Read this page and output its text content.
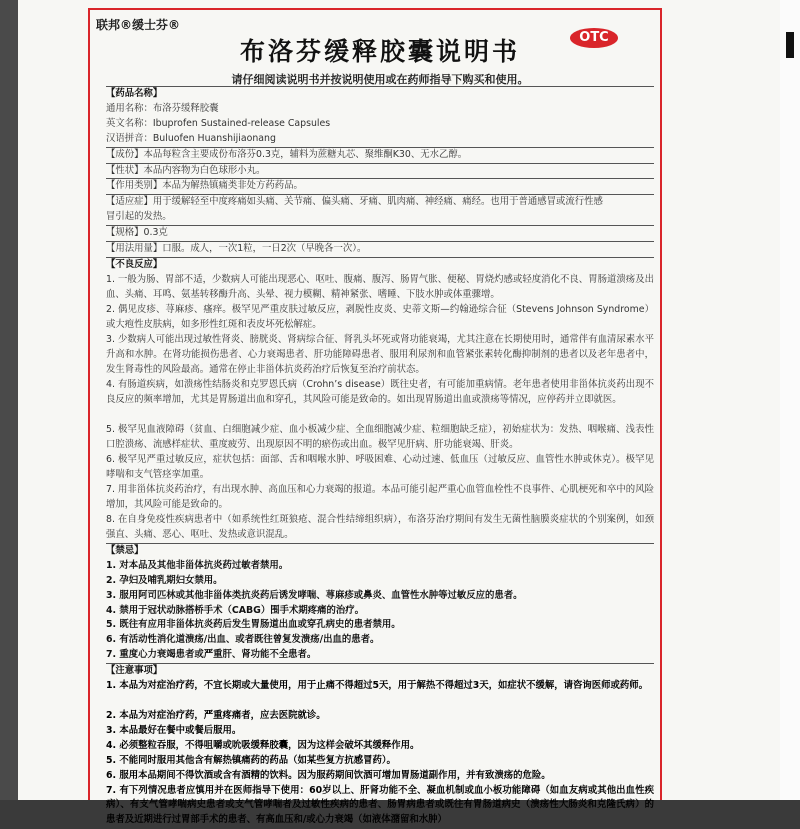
联邦®缓士芬®
布洛芬缓释胶囊说明书	OTC
请仔细阅读说明书并按说明使用或在药师指导下购买和使用。
【药品名称】
通用名称：布洛芬缓释胶囊
英文名称：Ibuprofen Sustained-release Capsules
汉语拼音：Buluofen Huanshijiaonang
【成份】本品每粒含主要成份布洛芬0.3克，辅料为蔗糖丸芯、聚维酮K30、无水乙醇。
【性状】本品内容物为白色球形小丸。
【作用类别】本品为解热镇痛类非处方药药品。
【适应症】用于缓解轻至中度疼痛如头痛、关节痛、偏头痛、牙痛、肌肉痛、神经痛、痛经。也用于普通感冒或流行性感
冒引起的发热。
【规格】0.3克
【用法用量】口服。成人，一次1粒，一日2次（早晚各一次）。
【不良反应】
1. 一般为肠、胃部不适，少数病人可能出现恶心、呕吐、腹痛、腹泻、肠胃气胀、便秘、胃烧灼感或轻度消化不良、胃肠道溃疡及出血、头痛、耳鸣、氨基转移酶升高、头晕、视力模糊、精神紧张、嗜睡、下肢水肿或体重骤增。
2. 偶见皮疹、荨麻疹、瘙痒。极罕见严重皮肤过敏反应，剥脱性皮炎、史蒂文斯—约翰逊综合征（Stevens Johnson Syndrome）或大疱性皮肤病，如多形性红斑和表皮坏死松解症。
3. 少数病人可能出现过敏性肾炎、膀胱炎、肾病综合征、肾乳头坏死或肾功能衰竭，尤其注意在长期使用时，通常伴有血清尿素水平升高和水肿。在肾功能损伤患者、心力衰竭患者、肝功能障碍患者、服用利尿剂和血管紧张素转化酶抑制剂的患者以及老年患者中，发生肾毒性的风险最高。通常在停止非甾体抗炎药治疗后恢复至治疗前状态。
4. 有肠道疾病，如溃疡性结肠炎和克罗恩氏病（Crohn’s disease）既往史者，有可能加重病情。老年患者使用非甾体抗炎药出现不良反应的频率增加，尤其是胃肠道出血和穿孔，其风险可能是致命的。如出现胃肠道出血或溃疡等情况，应停药并立即就医。
5. 极罕见血液障碍（贫血、白细胞减少症、血小板减少症、全血细胞减少症、粒细胞缺乏症），初始症状为：发热、咽喉痛、浅表性口腔溃疡、流感样症状、重度疲劳、出现原因不明的瘀伤或出血。极罕见肝病、肝功能衰竭、肝炎。
6. 极罕见严重过敏反应，症状包括：面部、舌和咽喉水肿、呼吸困难、心动过速、低血压（过敏反应、血管性水肿或休克）。极罕见哮喘和支气管痉挛加重。
7. 用非甾体抗炎药治疗，有出现水肿、高血压和心力衰竭的报道。本品可能引起严重心血管血栓性不良事件、心肌梗死和卒中的风险增加，其风险可能是致命的。
8. 在自身免疫性疾病患者中（如系统性红斑狼疮、混合性结缔组织病），布洛芬治疗期间有发生无菌性脑膜炎症状的个别案例，如颈强直、头痛、恶心、呕吐、发热或意识混乱。
【禁忌】
1. 对本品及其他非甾体抗炎药过敏者禁用。
2. 孕妇及哺乳期妇女禁用。
3. 服用阿司匹林或其他非甾体类抗炎药后诱发哮喘、荨麻疹或鼻炎、血管性水肿等过敏反应的患者。
4. 禁用于冠状动脉搭桥手术（CABG）围手术期疼痛的治疗。
5. 既往有应用非甾体抗炎药后发生胃肠道出血或穿孔病史的患者禁用。
6. 有活动性消化道溃疡/出血、或者既往曾复发溃疡/出血的患者。
7. 重度心力衰竭患者或严重肝、肾功能不全患者。
【注意事项】
1. 本品为对症治疗药，不宜长期或大量使用，用于止痛不得超过5天，用于解热不得超过3天，如症状不缓解，请咨询医师或药师。
2. 本品为对症治疗药，严重疼痛者，应去医院就诊。
3. 本品最好在餐中或餐后服用。
4. 必须整粒吞服，不得咀嚼或吮吸缓释胶囊，因为这样会破坏其缓释作用。
5. 不能同时服用其他含有解热镇痛药的药品（如某些复方抗感冒药）。
6. 服用本品期间不得饮酒或含有酒精的饮料。因为服药期间饮酒可增加胃肠道副作用，并有致溃疡的危险。
7. 有下列情况患者应慎用并在医师指导下使用：60岁以上、肝肾功能不全、凝血机制或血小板功能障碍（如血友病或其他出血性疾病）、有支气管哮喘病史患者或支气管哮喘者及过敏性疾病的患者、肠胃病患者或既往有胃肠道病史（溃疡性大肠炎和克隆氏病）的患者及近期进行过胃部手术的患者、有高血压和/或心力衰竭（如液体潴留和水肿）
